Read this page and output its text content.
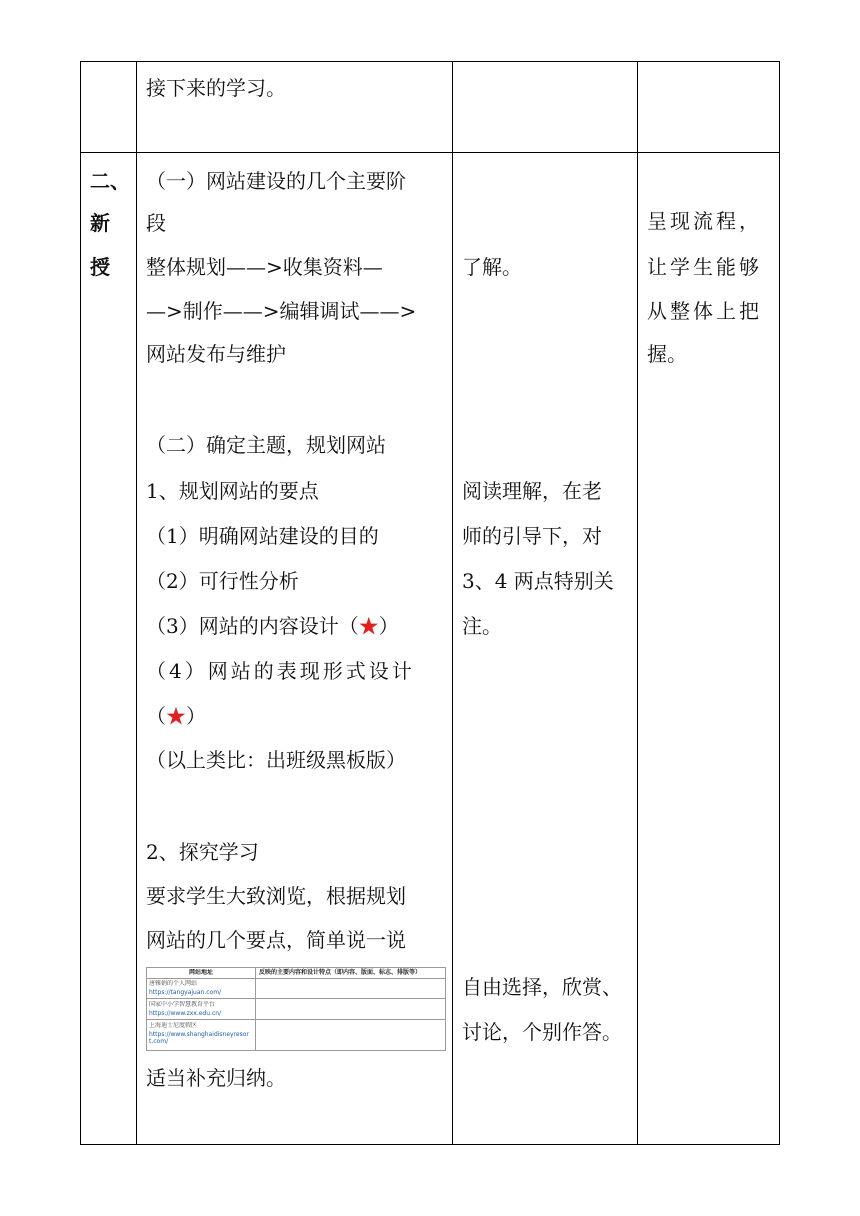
接下来的学习。
二、
新
授
（一）网站建设的几个主要阶
段
整体规划——>收集资料—
—>制作——>编辑调试——>
网站发布与维护
（二）确定主题，规划网站
1、规划网站的要点
（1）明确网站建设的目的
（2）可行性分析
（3）网站的内容设计（★）
（4）网站的表现形式设计
（★）
（以上类比：出班级黑板版）
2、探究学习
要求学生大致浏览，根据规划
网站的几个要点，简单说一说
网站地址	反映的主要内容和设计特点（即内容、版面、标志、排版等）
唐雅娟的个人网站
https://tangyajuan.com/
国家中小学智慧教育平台
https://www.zxx.edu.cn/
上海迪士尼度假区
https://www.shanghaidisneyresort.com/
适当补充归纳。
了解。
阅读理解，在老
师的引导下，对
3、4 两点特别关
注。
自由选择，欣赏、
讨论，个别作答。
呈现流程，
让学生能够
从整体上把
握。
